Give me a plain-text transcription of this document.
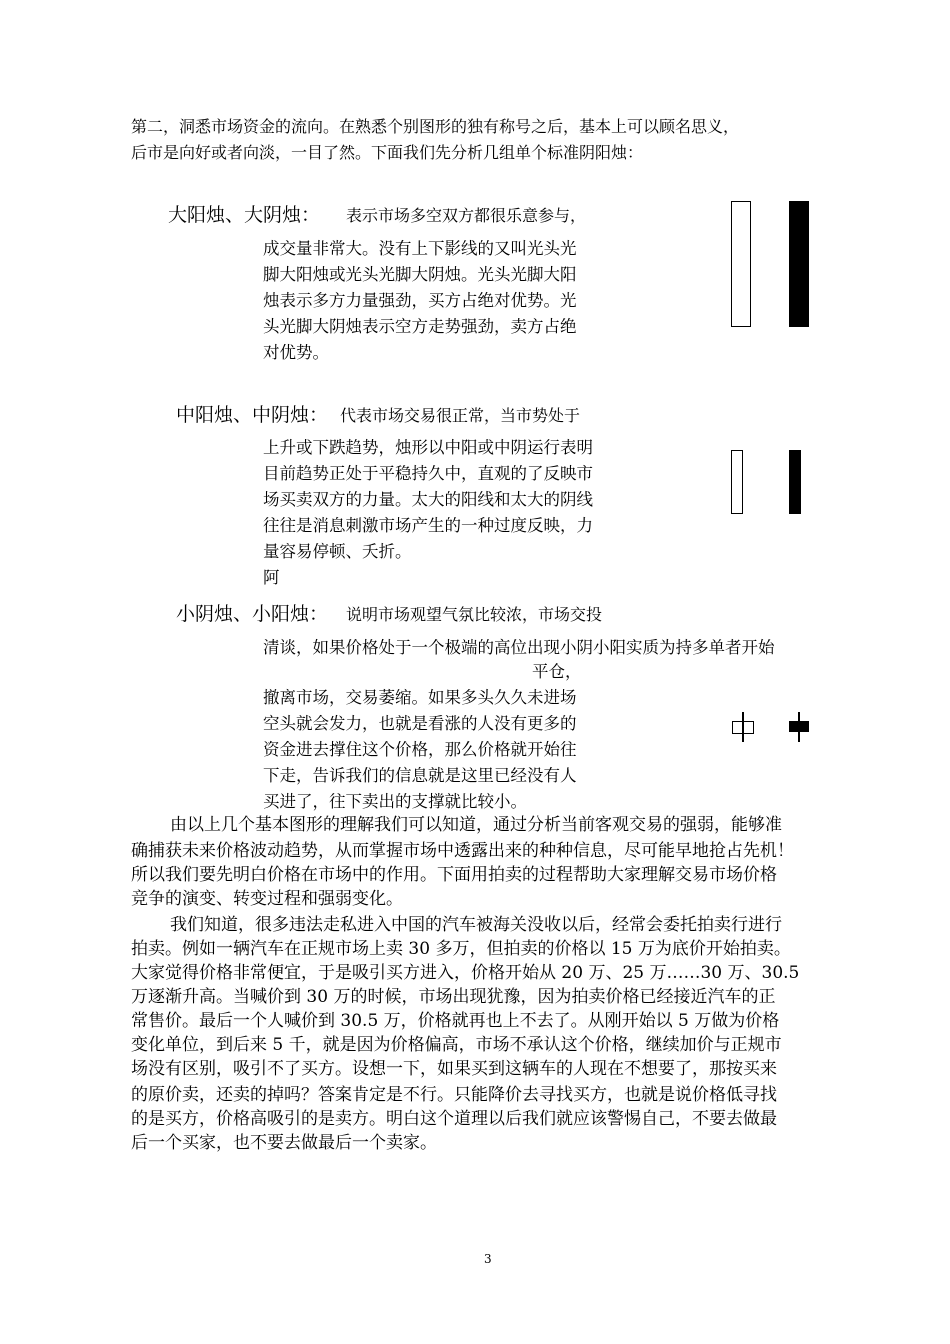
第二，洞悉市场资金的流向。在熟悉个别图形的独有称号之后，基本上可以顾名思义，
后市是向好或者向淡，一目了然。下面我们先分析几组单个标准阴阳烛：
大阳烛、大阴烛： 表示市场多空双方都很乐意参与，
成交量非常大。没有上下影线的又叫光头光
脚大阳烛或光头光脚大阴烛。光头光脚大阳
烛表示多方力量强劲，买方占绝对优势。光
头光脚大阴烛表示空方走势强劲，卖方占绝
对优势。
中阳烛、中阴烛： 代表市场交易很正常，当市势处于
上升或下跌趋势，烛形以中阳或中阴运行表明
目前趋势正处于平稳持久中，直观的了反映市
场买卖双方的力量。太大的阳线和太大的阴线
往往是消息刺激市场产生的一种过度反映，力
量容易停顿、夭折。
阿
小阴烛、小阳烛： 说明市场观望气氛比较浓，市场交投
清谈，如果价格处于一个极端的高位出现小阴小阳实质为持多单者开始
平仓，
撤离市场，交易萎缩。如果多头久久未进场
空头就会发力，也就是看涨的人没有更多的
资金进去撑住这个价格，那么价格就开始往
下走，告诉我们的信息就是这里已经没有人
买进了，往下卖出的支撑就比较小。
由以上几个基本图形的理解我们可以知道，通过分析当前客观交易的强弱，能够准
确捕获未来价格波动趋势，从而掌握市场中透露出来的种种信息，尽可能早地抢占先机！
所以我们要先明白价格在市场中的作用。下面用拍卖的过程帮助大家理解交易市场价格
竞争的演变、转变过程和强弱变化。
我们知道，很多违法走私进入中国的汽车被海关没收以后，经常会委托拍卖行进行
拍卖。例如一辆汽车在正规市场上卖 30 多万，但拍卖的价格以 15 万为底价开始拍卖。
大家觉得价格非常便宜，于是吸引买方进入，价格开始从 20 万、25 万……30 万、30.5
万逐渐升高。当喊价到 30 万的时候，市场出现犹豫，因为拍卖价格已经接近汽车的正
常售价。最后一个人喊价到 30.5 万，价格就再也上不去了。从刚开始以 5 万做为价格
变化单位，到后来 5 千，就是因为价格偏高，市场不承认这个价格，继续加价与正规市
场没有区别，吸引不了买方。设想一下，如果买到这辆车的人现在不想要了，那按买来
的原价卖，还卖的掉吗？答案肯定是不行。只能降价去寻找买方，也就是说价格低寻找
的是买方，价格高吸引的是卖方。明白这个道理以后我们就应该警惕自己，不要去做最
后一个买家，也不要去做最后一个卖家。
3
